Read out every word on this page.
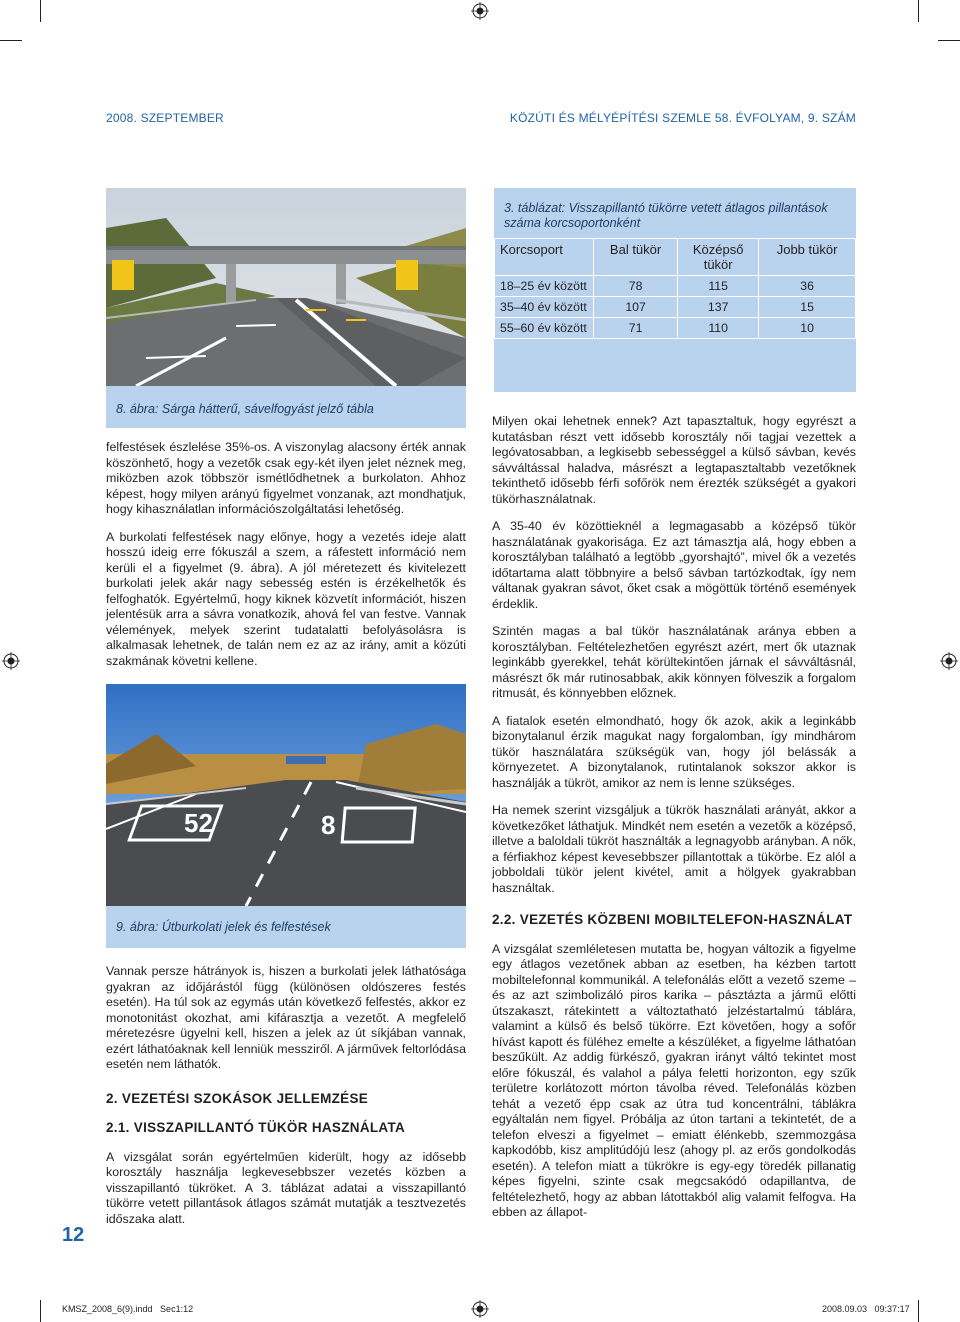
2008. SZEPTEMBER	KÖZÚTI ÉS MÉLYÉPÍTÉSI SZEMLE 58. ÉVFOLYAM, 9. SZÁM
8. ábra: Sárga hátterű, sávelfogyást jelző tábla

felfestések észlelése 35%-os. A viszonylag alacsony érték annak köszönhető, hogy a vezetők csak egy-két ilyen jelet néznek meg, miközben azok többször ismétlődhetnek a burkolaton. Ahhoz képest, hogy milyen arányú figyelmet vonzanak, azt mondhatjuk, hogy kihasználatlan információszolgáltatási lehetőség.

A burkolati felfestések nagy előnye, hogy a vezetés ideje alatt hosszú ideig erre fókuszál a szem, a ráfestett információ nem kerüli el a figyelmet (9. ábra). A jól méretezett és kivitelezett burkolati jelek akár nagy sebesség estén is érzékelhetők és felfoghatók. Egyértelmű, hogy kiknek közvetít információt, hiszen jelentésük arra a sávra vonatkozik, ahová fel van festve. Vannak vélemények, melyek szerint tudatalatti befolyásolásra is alkalmasak lehetnek, de talán nem ez az az irány, amit a közúti szakmának követni kellene.

52	8
9. ábra: Útburkolati jelek és felfestések

Vannak persze hátrányok is, hiszen a burkolati jelek láthatósága gyakran az időjárástól függ (különösen oldószeres festés esetén). Ha túl sok az egymás után következő felfestés, akkor ez monotonitást okozhat, ami kifárasztja a vezetőt. A megfelelő méretezésre ügyelni kell, hiszen a jelek az út síkjában vannak, ezért láthatóaknak kell lenniük messziről. A járművek feltorlódása esetén nem láthatók.

2. VEZETÉSI SZOKÁSOK JELLEMZÉSE
2.1. VISSZAPILLANTÓ TÜKÖR HASZNÁLATA

A vizsgálat során egyértelműen kiderült, hogy az idősebb korosztály használja legkevesebbszer vezetés közben a visszapillantó tükröket. A 3. táblázat adatai a visszapillantó tükörre vetett pillantások átlagos számát mutatják a tesztvezetés időszaka alatt.

3. táblázat: Visszapillantó tükörre vetett átlagos pillantások száma korcsoportonként
Korcsoport	Bal tükör	Középső tükör	Jobb tükör
18–25 év között	78	115	36
35–40 év között	107	137	15
55–60 év között	71	110	10

Milyen okai lehetnek ennek? Azt tapasztaltuk, hogy egyrészt a kutatásban részt vett idősebb korosztály női tagjai vezettek a legóvatosabban, a legkisebb sebességgel a külső sávban, kevés sávváltással haladva, másrészt a legtapasztaltabb vezetőknek tekinthető idősebb férfi sofőrök nem érezték szükségét a gyakori tükörhasználatnak.

A 35-40 év közöttieknél a legmagasabb a középső tükör használatának gyakorisága. Ez azt támasztja alá, hogy ebben a korosztályban található a legtöbb „gyorshajtó”, mivel ők a vezetés időtartama alatt többnyire a belső sávban tartózkodtak, így nem váltanak gyakran sávot, őket csak a mögöttük történő események érdeklik.

Szintén magas a bal tükör használatának aránya ebben a korosztályban. Feltételezhetően egyrészt azért, mert ők utaznak leginkább gyerekkel, tehát körültekintően járnak el sávváltásnál, másrészt ők már rutinosabbak, akik könnyen fölveszik a forgalom ritmusát, és könnyebben előznek.

A fiatalok esetén elmondható, hogy ők azok, akik a leginkább bizonytalanul érzik magukat nagy forgalomban, így mindhárom tükör használatára szükségük van, hogy jól belássák a környezetet. A bizonytalanok, rutintalanok sokszor akkor is használják a tükröt, amikor az nem is lenne szükséges.

Ha nemek szerint vizsgáljuk a tükrök használati arányát, akkor a következőket láthatjuk. Mindkét nem esetén a vezetők a középső, illetve a baloldali tükröt használták a legnagyobb arányban. A nők, a férfiakhoz képest kevesebbszer pillantottak a tükörbe. Ez alól a jobboldali tükör jelent kivétel, amit a hölgyek gyakrabban használtak.

2.2. VEZETÉS KÖZBENI MOBILTELEFON-HASZNÁLAT

A vizsgálat szemléletesen mutatta be, hogyan változik a figyelme egy átlagos vezetőnek abban az esetben, ha kézben tartott mobiltelefonnal kommunikál. A telefonálás előtt a vezető szeme – és az azt szimbolizáló piros karika – pásztázta a jármű előtti útszakaszt, rátekintett a változtatható jelzéstartalmú táblára, valamint a külső és belső tükörre. Ezt követően, hogy a sofőr hívást kapott és füléhez emelte a készüléket, a figyelme láthatóan beszűkült. Az addig fürkésző, gyakran irányt váltó tekintet most előre fókuszál, és valahol a pálya feletti horizonton, egy szűk területre korlátozott mórton távolba réved. Telefonálás közben tehát a vezető épp csak az útra tud koncentrálni, táblákra egyáltalán nem figyel. Próbálja az úton tartani a tekintetét, de a telefon elveszi a figyelmet – emiatt élénkebb, szemmozgása kapkodóbb, kisz amplitúdójú lesz (ahogy pl. az erős gondolkodás esetén). A telefon miatt a tükrökre is egy-egy töredék pillanatig képes figyelni, szinte csak megcsakódó odapillantva, de feltételezhető, hogy az abban látottakból alig valamit felfogva. Ha ebben az állapot-

12
KMSZ_2008_6(9).indd   Sec1:12	2008.09.03   09:37:17
